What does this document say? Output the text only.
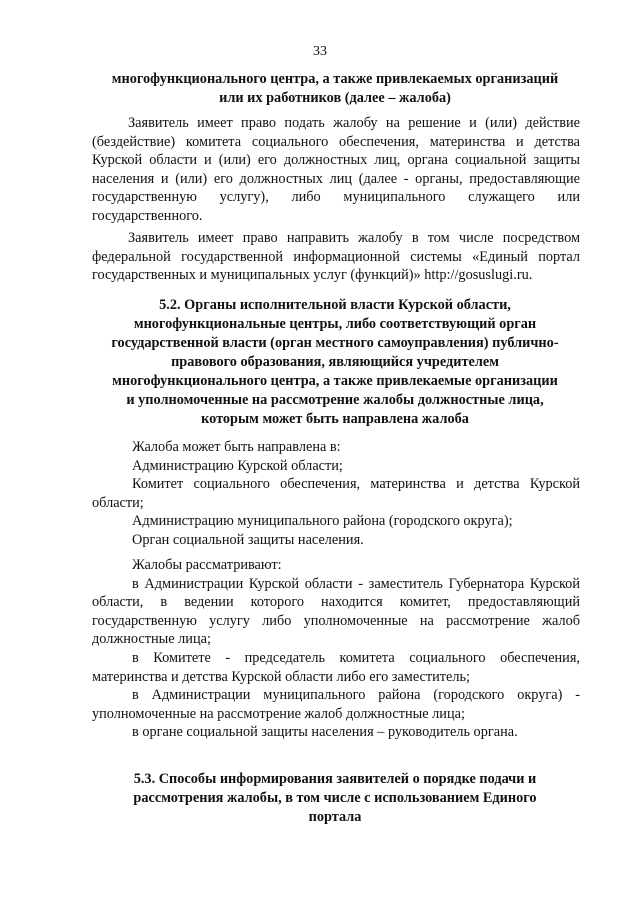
33
многофункционального центра, а также привлекаемых организаций
или их работников (далее – жалоба)

Заявитель имеет право подать жалобу на решение и (или) действие (бездействие) комитета социального обеспечения, материнства и детства Курской области и (или) его должностных лиц, органа социальной защиты населения и (или) его должностных лиц (далее - органы, предоставляющие государственную услугу), либо муниципального служащего или государственного.

Заявитель имеет право направить жалобу в том числе посредством федеральной государственной информационной системы «Единый портал государственных и муниципальных услуг (функций)» http://gosuslugi.ru.

5.2. Органы исполнительной власти Курской области,
многофункциональные центры, либо соответствующий орган
государственной власти (орган местного самоуправления) публично-
правового образования, являющийся учредителем
многофункционального центра, а также привлекаемые организации
и уполномоченные на рассмотрение жалобы должностные лица,
которым может быть направлена жалоба
Жалоба может быть направлена в:
Администрацию Курской области;
Комитет социального обеспечения, материнства и детства Курской области;
Администрацию муниципального района (городского округа);
Орган социальной защиты населения.
Жалобы рассматривают:
в Администрации Курской области - заместитель Губернатора Курской области, в ведении которого находится комитет, предоставляющий государственную услугу либо уполномоченные на рассмотрение жалоб должностные лица;
в Комитете - председатель комитета социального обеспечения, материнства и детства Курской области либо его заместитель;
в Администрации муниципального района (городского округа) - уполномоченные на рассмотрение жалоб должностные лица;
в органе социальной защиты населения – руководитель органа.
5.3. Способы информирования заявителей о порядке подачи и
рассмотрения жалобы, в том числе с использованием Единого
портала
